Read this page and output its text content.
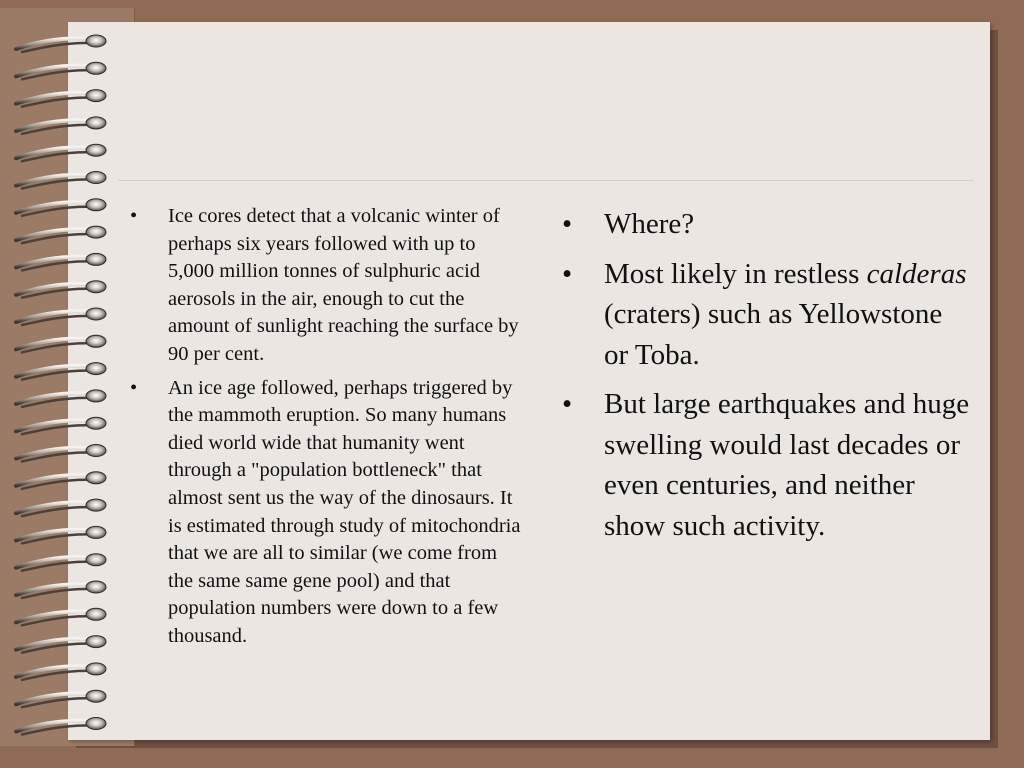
•	Ice cores detect that a volcanic winter of perhaps six years followed with up to 5,000 million tonnes of sulphuric acid aerosols in the air, enough to cut the amount of sunlight reaching the surface by 90 per cent.
•	An ice age followed, perhaps triggered by the mammoth eruption. So many humans died world wide that humanity went through a "population bottleneck" that almost sent us the way of the dinosaurs. It is estimated through study of mitochondria that we are all to similar (we come from the same same gene pool) and that population numbers were down to a few thousand.
•	Where?
•	Most likely in restless calderas (craters) such as Yellowstone or Toba.
•	But large earthquakes and huge swelling would last decades or even centuries, and neither show such activity.
